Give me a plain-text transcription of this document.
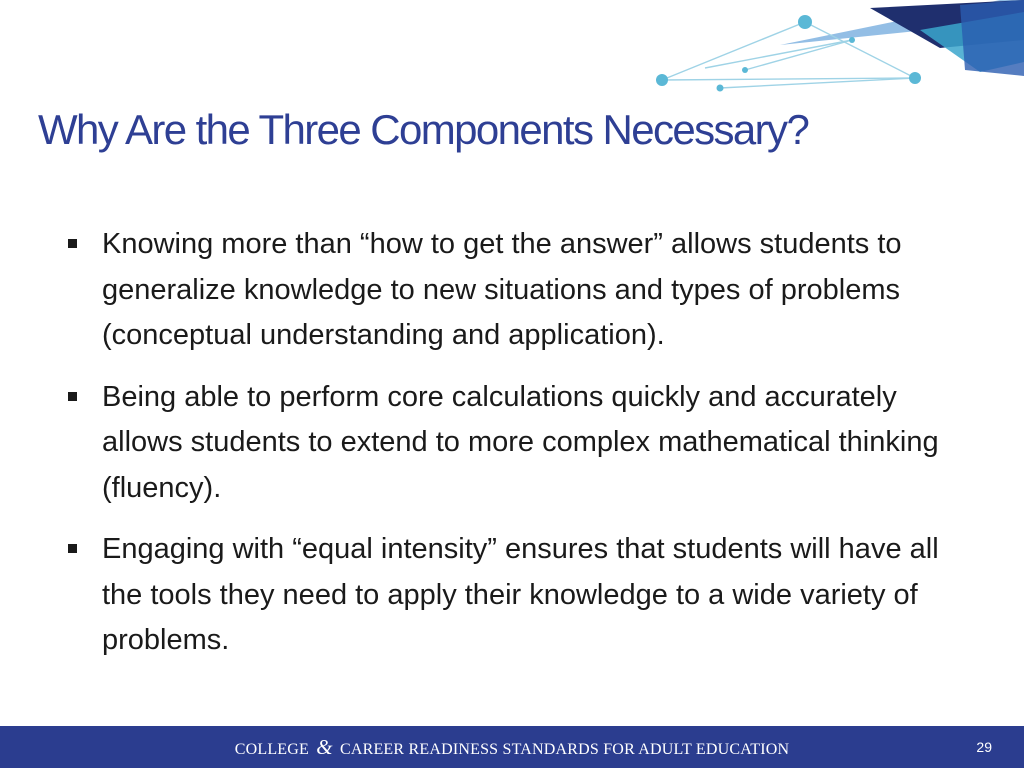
Why Are the Three Components Necessary?
Knowing more than “how to get the answer” allows students to generalize knowledge to new situations and types of problems (conceptual understanding and application).
Being able to perform core calculations quickly and accurately allows students to extend to more complex mathematical thinking (fluency).
Engaging with “equal intensity” ensures that students will have all the tools they need to apply their knowledge to a wide variety of problems.
COLLEGE & CAREER READINESS STANDARDS FOR ADULT EDUCATION	29
